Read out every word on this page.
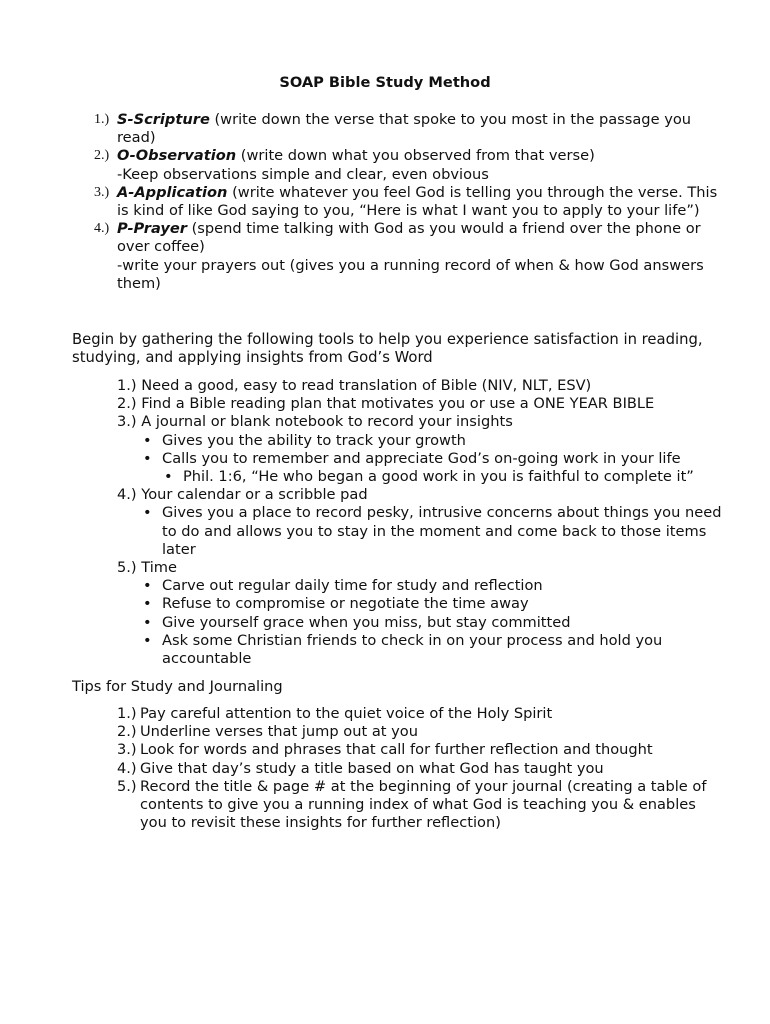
SOAP Bible Study Method
1.) S-Scripture (write down the verse that spoke to you most in the passage you read)
2.) O-Observation (write down what you observed from that verse)
-Keep observations simple and clear, even obvious
3.) A-Application (write whatever you feel God is telling you through the verse. This is kind of like God saying to you, “Here is what I want you to apply to your life”)
4.) P-Prayer (spend time talking with God as you would a friend over the phone or over coffee)
-write your prayers out (gives you a running record of when & how God answers them)
Begin by gathering the following tools to help you experience satisfaction in reading, studying, and applying insights from God’s Word
1.) Need a good, easy to read translation of Bible (NIV, NLT, ESV)
2.) Find a Bible reading plan that motivates you or use a ONE YEAR BIBLE
3.) A journal or blank notebook to record your insights
• Gives you the ability to track your growth
• Calls you to remember and appreciate God’s on-going work in your life
• Phil. 1:6, “He who began a good work in you is faithful to complete it”
4.) Your calendar or a scribble pad
• Gives you a place to record pesky, intrusive concerns about things you need to do and allows you to stay in the moment and come back to those items later
5.) Time
• Carve out regular daily time for study and reflection
• Refuse to compromise or negotiate the time away
• Give yourself grace when you miss, but stay committed
• Ask some Christian friends to check in on your process and hold you accountable
Tips for Study and Journaling
1.) Pay careful attention to the quiet voice of the Holy Spirit
2.) Underline verses that jump out at you
3.) Look for words and phrases that call for further reflection and thought
4.) Give that day’s study a title based on what God has taught you
5.) Record the title & page # at the beginning of your journal (creating a table of contents to give you a running index of what God is teaching you & enables you to revisit these insights for further reflection)
